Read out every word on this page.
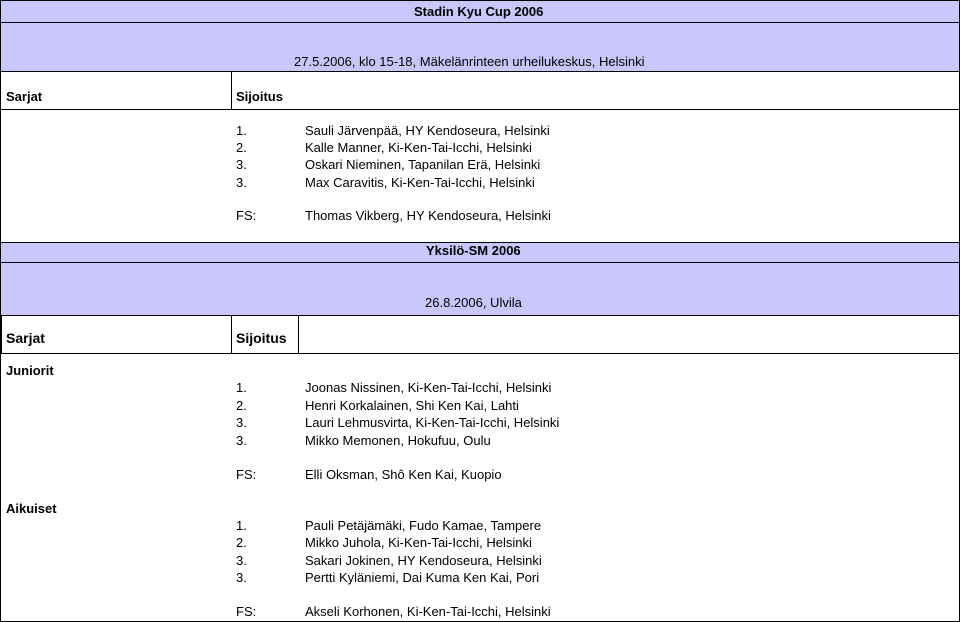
Stadin Kyu Cup 2006
27.5.2006, klo 15-18, Mäkelänrinteen urheilukeskus, Helsinki
Sarjat	Sijoitus
1.	Sauli Järvenpää, HY Kendoseura, Helsinki
2.	Kalle Manner, Ki-Ken-Tai-Icchi, Helsinki
3.	Oskari Nieminen, Tapanilan Erä, Helsinki
3.	Max Caravitis, Ki-Ken-Tai-Icchi, Helsinki
FS:	Thomas Vikberg, HY Kendoseura, Helsinki
Yksilö-SM 2006
26.8.2006, Ulvila
Sarjat	Sijoitus
Juniorit
1.	Joonas Nissinen, Ki-Ken-Tai-Icchi, Helsinki
2.	Henri Korkalainen, Shi Ken Kai, Lahti
3.	Lauri Lehmusvirta, Ki-Ken-Tai-Icchi, Helsinki
3.	Mikko Memonen, Hokufuu, Oulu
FS:	Elli Oksman, Shô Ken Kai, Kuopio
Aikuiset
1.	Pauli Petäjämäki, Fudo Kamae, Tampere
2.	Mikko Juhola, Ki-Ken-Tai-Icchi, Helsinki
3.	Sakari Jokinen, HY Kendoseura, Helsinki
3.	Pertti Kyläniemi, Dai Kuma Ken Kai, Pori
FS:	Akseli Korhonen, Ki-Ken-Tai-Icchi, Helsinki
